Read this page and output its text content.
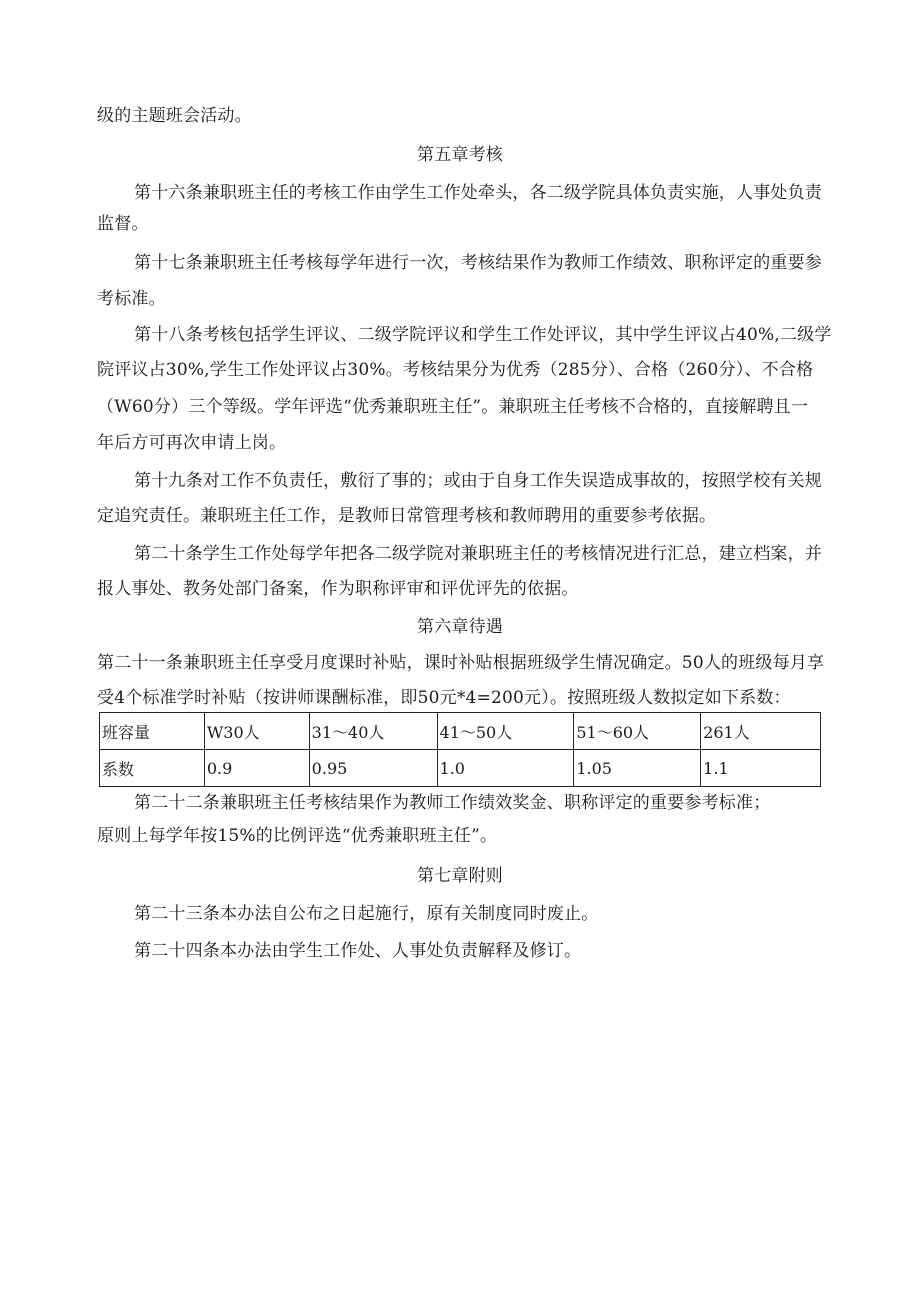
级的主题班会活动。
第五章考核
第十六条兼职班主任的考核工作由学生工作处牵头，各二级学院具体负责实施，人事处负责
监督。
第十七条兼职班主任考核每学年进行一次，考核结果作为教师工作绩效、职称评定的重要参
考标准。
第十八条考核包括学生评议、二级学院评议和学生工作处评议，其中学生评议占40%,二级学
院评议占30%,学生工作处评议占30%。考核结果分为优秀（285分）、合格（260分）、不合格
（W60分）三个等级。学年评选“优秀兼职班主任”。兼职班主任考核不合格的，直接解聘且一
年后方可再次申请上岗。
第十九条对工作不负责任，敷衍了事的；或由于自身工作失误造成事故的，按照学校有关规
定追究责任。兼职班主任工作，是教师日常管理考核和教师聘用的重要参考依据。
第二十条学生工作处每学年把各二级学院对兼职班主任的考核情况进行汇总，建立档案，并
报人事处、教务处部门备案，作为职称评审和评优评先的依据。
第六章待遇
第二十一条兼职班主任享受月度课时补贴，课时补贴根据班级学生情况确定。50人的班级每月享
受4个标准学时补贴（按讲师课酬标准，即50元*4=200元）。按照班级人数拟定如下系数：
班容量	W30人	31～40人	41～50人	51～60人	261人
系数	0.9	0.95	1.0	1.05	1.1
第二十二条兼职班主任考核结果作为教师工作绩效奖金、职称评定的重要参考标准；
原则上每学年按15%的比例评选“优秀兼职班主任”。
第七章附则
第二十三条本办法自公布之日起施行，原有关制度同时废止。
第二十四条本办法由学生工作处、人事处负责解释及修订。
